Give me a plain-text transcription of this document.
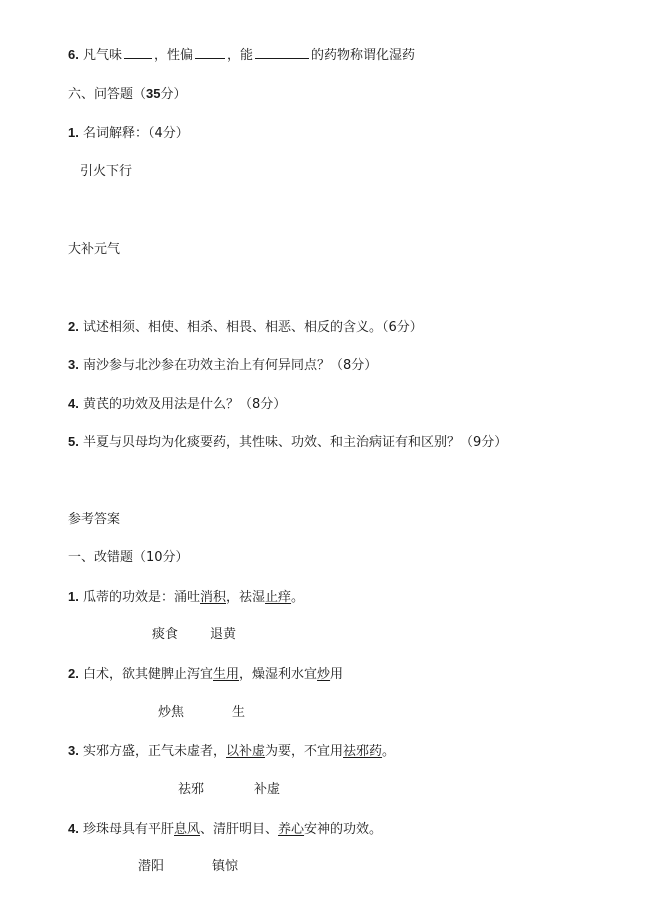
6. 凡气味 ，性偏	，能	的药物称谓化湿药
六、问答题（35分）
1. 名词解释：（4分）
引火下行
大补元气
2. 试述相须、相使、相杀、相畏、相恶、相反的含义。（6分）
3. 南沙参与北沙参在功效主治上有何异同点？（8分）
4. 黄芪的功效及用法是什么？（8分）
5. 半夏与贝母均为化痰要药，其性味、功效、和主治病证有和区别？（9分）
参考答案
一、改错题（10分）
1. 瓜蒂的功效是：涌吐消积，祛湿止痒。
痰食 退黄
2. 白术，欲其健脾止泻宜生用，燥湿利水宜炒用
炒焦	生
3. 实邪方盛，正气未虚者，以补虚为要，不宜用祛邪药。
祛邪	补虚
4. 珍珠母具有平肝息风、清肝明目、养心安神的功效。
潜阳	镇惊
